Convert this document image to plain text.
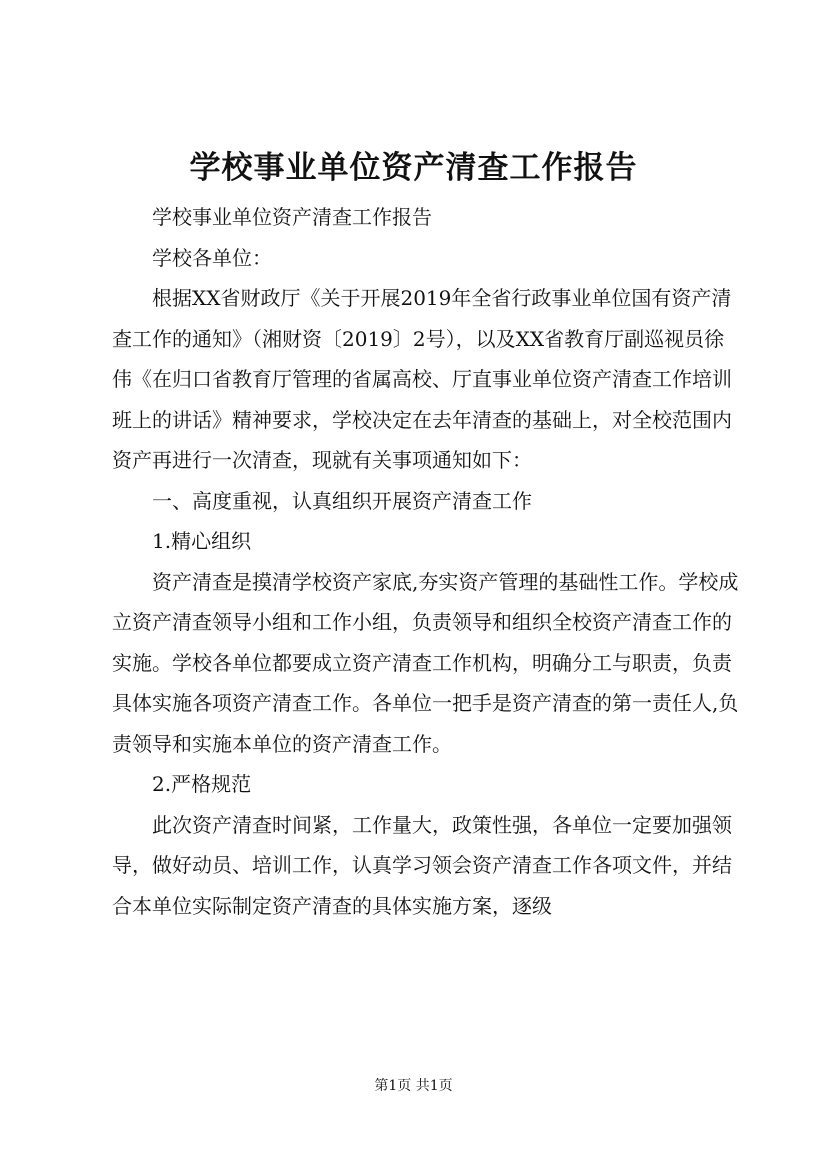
学校事业单位资产清查工作报告

学校事业单位资产清查工作报告

学校各单位：

根据XX省财政厅《关于开展2019年全省行政事业单位国有资产清查工作的通知》（湘财资〔2019〕2号），以及XX省教育厅副巡视员徐伟《在归口省教育厅管理的省属高校、厅直事业单位资产清查工作培训班上的讲话》精神要求，学校决定在去年清查的基础上，对全校范围内资产再进行一次清查，现就有关事项通知如下：

一、高度重视，认真组织开展资产清查工作

1.精心组织

资产清查是摸清学校资产家底,夯实资产管理的基础性工作。学校成立资产清查领导小组和工作小组，负责领导和组织全校资产清查工作的实施。学校各单位都要成立资产清查工作机构，明确分工与职责，负责具体实施各项资产清查工作。各单位一把手是资产清查的第一责任人,负责领导和实施本单位的资产清查工作。

2.严格规范

此次资产清查时间紧，工作量大，政策性强，各单位一定要加强领导，做好动员、培训工作，认真学习领会资产清查工作各项文件，并结合本单位实际制定资产清查的具体实施方案，逐级

第1页 共1页
